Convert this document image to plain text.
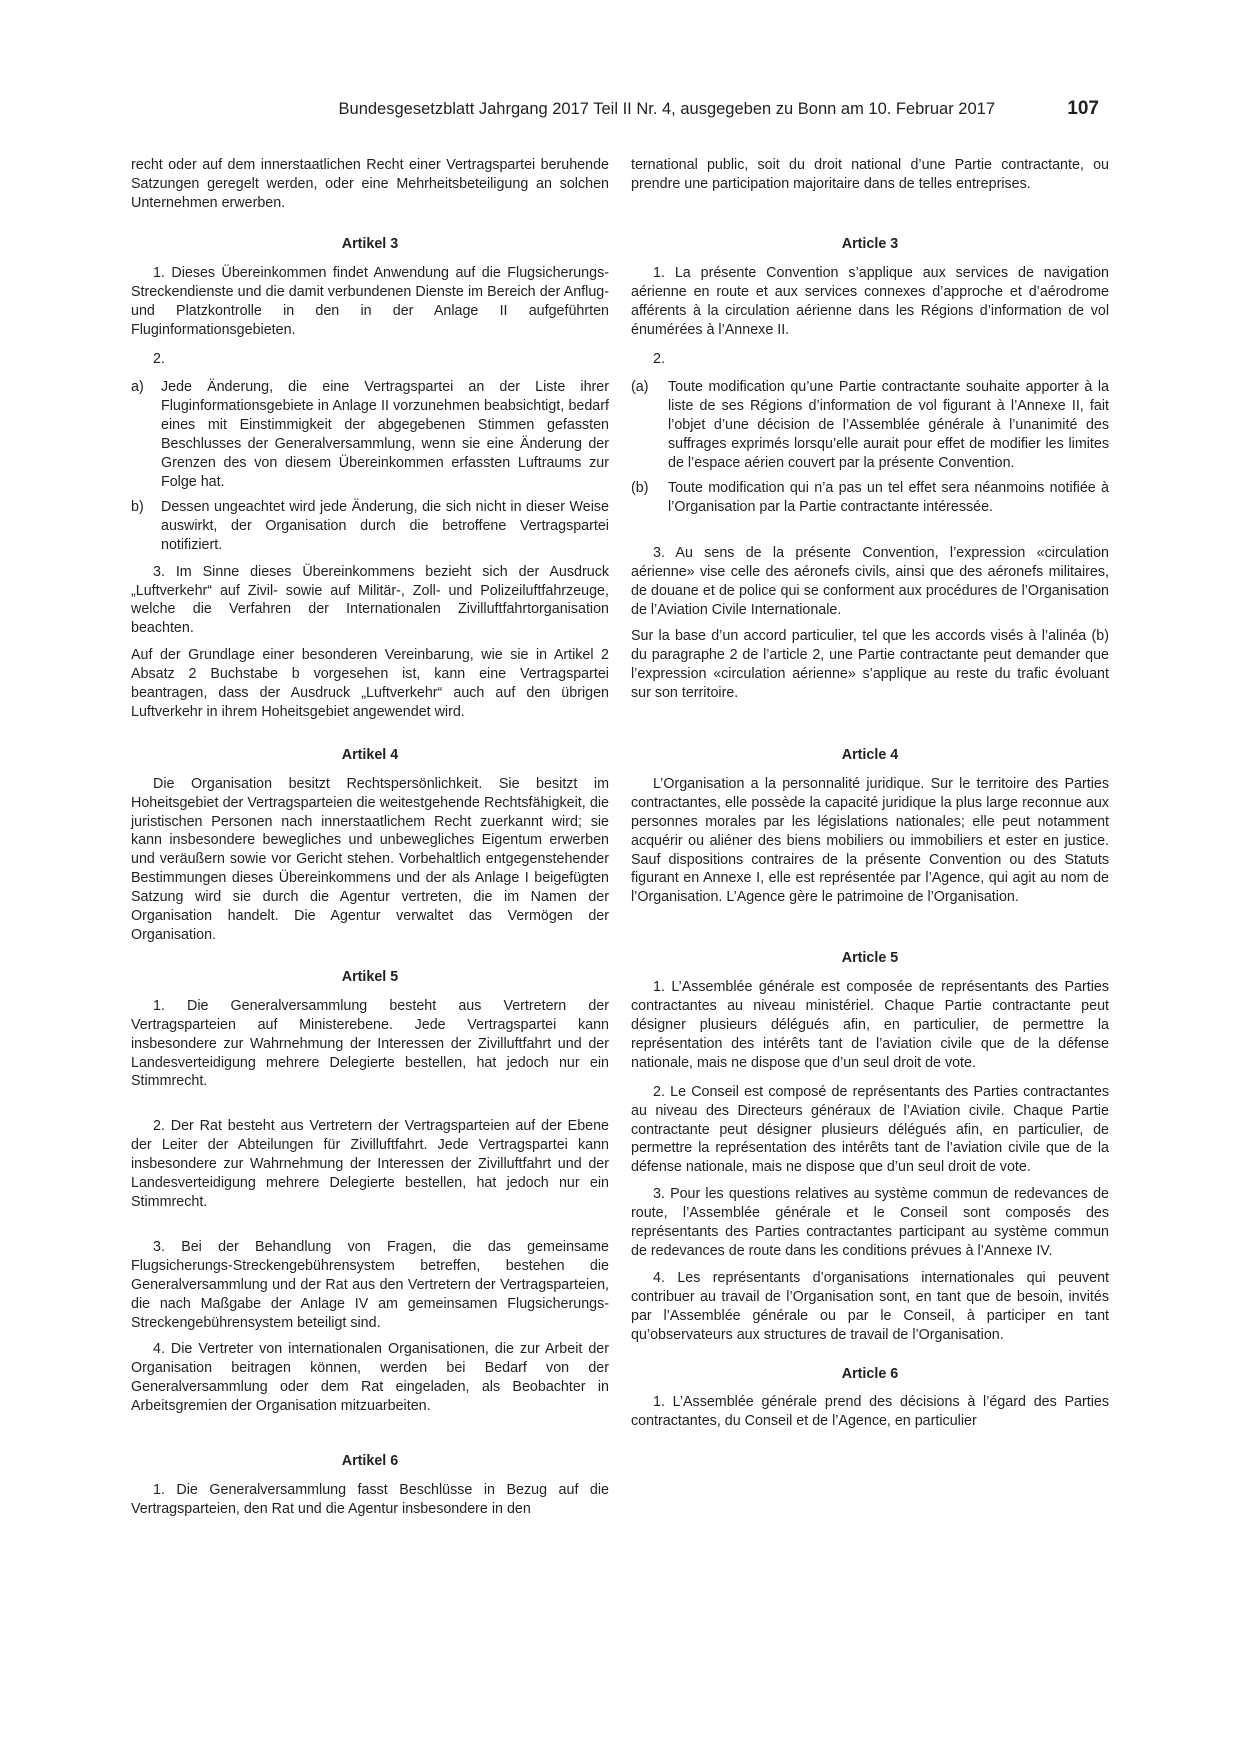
Bundesgesetzblatt Jahrgang 2017 Teil II Nr. 4, ausgegeben zu Bonn am 10. Februar 2017	107

recht oder auf dem innerstaatlichen Recht einer Vertragspartei beruhende Satzungen geregelt werden, oder eine Mehrheitsbeteiligung an solchen Unternehmen erwerben.

Artikel 3

1. Dieses Übereinkommen findet Anwendung auf die Flugsicherungs-Streckendienste und die damit verbundenen Dienste im Bereich der Anflug- und Platzkontrolle in den in der Anlage II aufgeführten Fluginformationsgebieten.

2.

a) Jede Änderung, die eine Vertragspartei an der Liste ihrer Fluginformationsgebiete in Anlage II vorzunehmen beabsichtigt, bedarf eines mit Einstimmigkeit der abgegebenen Stimmen gefassten Beschlusses der Generalversammlung, wenn sie eine Änderung der Grenzen des von diesem Übereinkommen erfassten Luftraums zur Folge hat.

b) Dessen ungeachtet wird jede Änderung, die sich nicht in dieser Weise auswirkt, der Organisation durch die betroffene Vertragspartei notifiziert.

3. Im Sinne dieses Übereinkommens bezieht sich der Ausdruck „Luftverkehr“ auf Zivil- sowie auf Militär-, Zoll- und Polizeiluftfahrzeuge, welche die Verfahren der Internationalen Zivilluftfahrtorganisation beachten.

Auf der Grundlage einer besonderen Vereinbarung, wie sie in Artikel 2 Absatz 2 Buchstabe b vorgesehen ist, kann eine Vertragspartei beantragen, dass der Ausdruck „Luftverkehr“ auch auf den übrigen Luftverkehr in ihrem Hoheitsgebiet angewendet wird.

Artikel 4

Die Organisation besitzt Rechtspersönlichkeit. Sie besitzt im Hoheitsgebiet der Vertragsparteien die weitestgehende Rechtsfähigkeit, die juristischen Personen nach innerstaatlichem Recht zuerkannt wird; sie kann insbesondere bewegliches und unbewegliches Eigentum erwerben und veräußern sowie vor Gericht stehen. Vorbehaltlich entgegenstehender Bestimmungen dieses Übereinkommens und der als Anlage I beigefügten Satzung wird sie durch die Agentur vertreten, die im Namen der Organisation handelt. Die Agentur verwaltet das Vermögen der Organisation.

Artikel 5

1. Die Generalversammlung besteht aus Vertretern der Vertragsparteien auf Ministerebene. Jede Vertragspartei kann insbesondere zur Wahrnehmung der Interessen der Zivilluftfahrt und der Landesverteidigung mehrere Delegierte bestellen, hat jedoch nur ein Stimmrecht.

2. Der Rat besteht aus Vertretern der Vertragsparteien auf der Ebene der Leiter der Abteilungen für Zivilluftfahrt. Jede Vertragspartei kann insbesondere zur Wahrnehmung der Interessen der Zivilluftfahrt und der Landesverteidigung mehrere Delegierte bestellen, hat jedoch nur ein Stimmrecht.

3. Bei der Behandlung von Fragen, die das gemeinsame Flugsicherungs-Streckengebührensystem betreffen, bestehen die Generalversammlung und der Rat aus den Vertretern der Vertragsparteien, die nach Maßgabe der Anlage IV am gemeinsamen Flugsicherungs-Streckengebührensystem beteiligt sind.

4. Die Vertreter von internationalen Organisationen, die zur Arbeit der Organisation beitragen können, werden bei Bedarf von der Generalversammlung oder dem Rat eingeladen, als Beobachter in Arbeitsgremien der Organisation mitzuarbeiten.

Artikel 6

1. Die Generalversammlung fasst Beschlüsse in Bezug auf die Vertragsparteien, den Rat und die Agentur insbesondere in den

ternational public, soit du droit national d’une Partie contractante, ou prendre une participation majoritaire dans de telles entreprises.

Article 3

1. La présente Convention s’applique aux services de navigation aérienne en route et aux services connexes d’approche et d’aérodrome afférents à la circulation aérienne dans les Régions d’information de vol énumérées à l’Annexe II.

2.

(a) Toute modification qu’une Partie contractante souhaite apporter à la liste de ses Régions d’information de vol figurant à l’Annexe II, fait l’objet d’une décision de l’Assemblée générale à l’unanimité des suffrages exprimés lorsqu’elle aurait pour effet de modifier les limites de l’espace aérien couvert par la présente Convention.

(b) Toute modification qui n’a pas un tel effet sera néanmoins notifiée à l’Organisation par la Partie contractante intéressée.

3. Au sens de la présente Convention, l’expression «circulation aérienne» vise celle des aéronefs civils, ainsi que des aéronefs militaires, de douane et de police qui se conforment aux procédures de l’Organisation de l’Aviation Civile Internationale.

Sur la base d’un accord particulier, tel que les accords visés à l’alinéa (b) du paragraphe 2 de l’article 2, une Partie contractante peut demander que l’expression «circulation aérienne» s’applique au reste du trafic évoluant sur son territoire.

Article 4

L’Organisation a la personnalité juridique. Sur le territoire des Parties contractantes, elle possède la capacité juridique la plus large reconnue aux personnes morales par les législations nationales; elle peut notamment acquérir ou aliéner des biens mobiliers ou immobiliers et ester en justice. Sauf dispositions contraires de la présente Convention ou des Statuts figurant en Annexe I, elle est représentée par l’Agence, qui agit au nom de l’Organisation. L’Agence gère le patrimoine de l’Organisation.

Article 5

1. L’Assemblée générale est composée de représentants des Parties contractantes au niveau ministériel. Chaque Partie contractante peut désigner plusieurs délégués afin, en particulier, de permettre la représentation des intérêts tant de l’aviation civile que de la défense nationale, mais ne dispose que d’un seul droit de vote.

2. Le Conseil est composé de représentants des Parties contractantes au niveau des Directeurs généraux de l’Aviation civile. Chaque Partie contractante peut désigner plusieurs délégués afin, en particulier, de permettre la représentation des intérêts tant de l’aviation civile que de la défense nationale, mais ne dispose que d’un seul droit de vote.

3. Pour les questions relatives au système commun de redevances de route, l’Assemblée générale et le Conseil sont composés des représentants des Parties contractantes participant au système commun de redevances de route dans les conditions prévues à l’Annexe IV.

4. Les représentants d’organisations internationales qui peuvent contribuer au travail de l’Organisation sont, en tant que de besoin, invités par l’Assemblée générale ou par le Conseil, à participer en tant qu’observateurs aux structures de travail de l’Organisation.

Article 6

1. L’Assemblée générale prend des décisions à l’égard des Parties contractantes, du Conseil et de l’Agence, en particulier
